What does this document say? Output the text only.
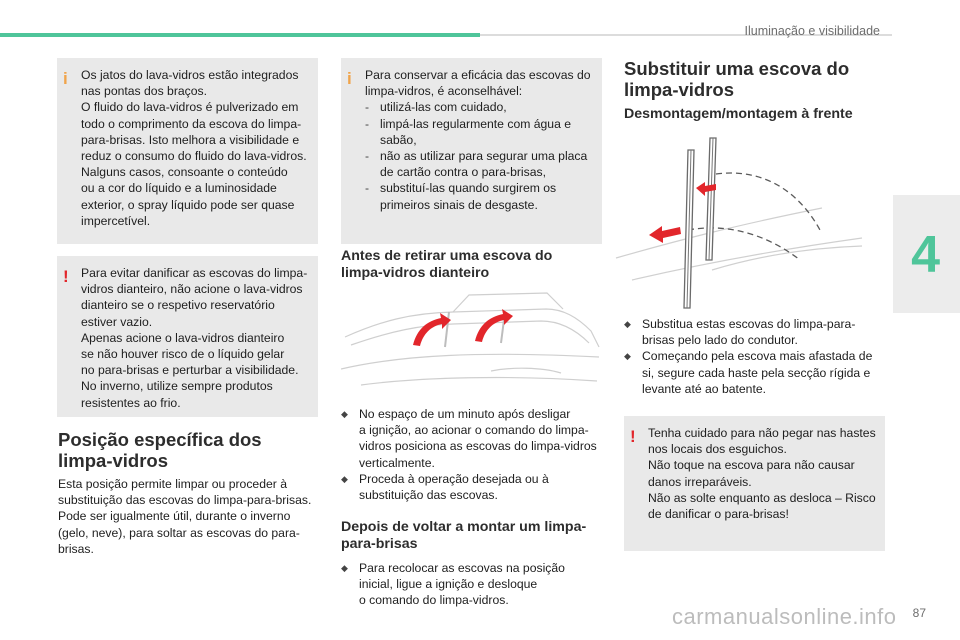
Iluminação e visibilidade
4
i Os jatos do lava-vidros estão integrados
nas pontas dos braços.
O fluido do lava-vidros é pulverizado em
todo o comprimento da escova do limpa-
para-brisas. Isto melhora a visibilidade e
reduz o consumo do fluido do lava-vidros.
Nalguns casos, consoante o conteúdo
ou a cor do líquido e a luminosidade
exterior, o spray líquido pode ser quase
impercetível.
! Para evitar danificar as escovas do limpa-
vidros dianteiro, não acione o lava-vidros
dianteiro se o respetivo reservatório
estiver vazio.
Apenas acione o lava-vidros dianteiro
se não houver risco de o líquido gelar
no para-brisas e perturbar a visibilidade.
No inverno, utilize sempre produtos
resistentes ao frio.
Posição específica dos
limpa-vidros
Esta posição permite limpar ou proceder à
substituição das escovas do limpa-para-brisas.
Pode ser igualmente útil, durante o inverno
(gelo, neve), para soltar as escovas do para-
brisas.
i Para conservar a eficácia das escovas do
limpa-vidros, é aconselhável:
- utilizá-las com cuidado,
- limpá-las regularmente com água e
sabão,
- não as utilizar para segurar uma placa
de cartão contra o para-brisas,
- substituí-las quando surgirem os
primeiros sinais de desgaste.
Antes de retirar uma escova do
limpa-vidros dianteiro
◆ No espaço de um minuto após desligar
a ignição, ao acionar o comando do limpa-
vidros posiciona as escovas do limpa-vidros
verticalmente.
◆ Proceda à operação desejada ou à
substituição das escovas.
Depois de voltar a montar um limpa-
para-brisas
◆ Para recolocar as escovas na posição
inicial, ligue a ignição e desloque
o comando do limpa-vidros.
Substituir uma escova do
limpa-vidros
Desmontagem/montagem à frente
◆ Substitua estas escovas do limpa-para-
brisas pelo lado do condutor.
◆ Começando pela escova mais afastada de
si, segure cada haste pela secção rígida e
levante até ao batente.
! Tenha cuidado para não pegar nas hastes
nos locais dos esguichos.
Não toque na escova para não causar
danos irreparáveis.
Não as solte enquanto as desloca – Risco
de danificar o para-brisas!
carmanualsonline.info 87
